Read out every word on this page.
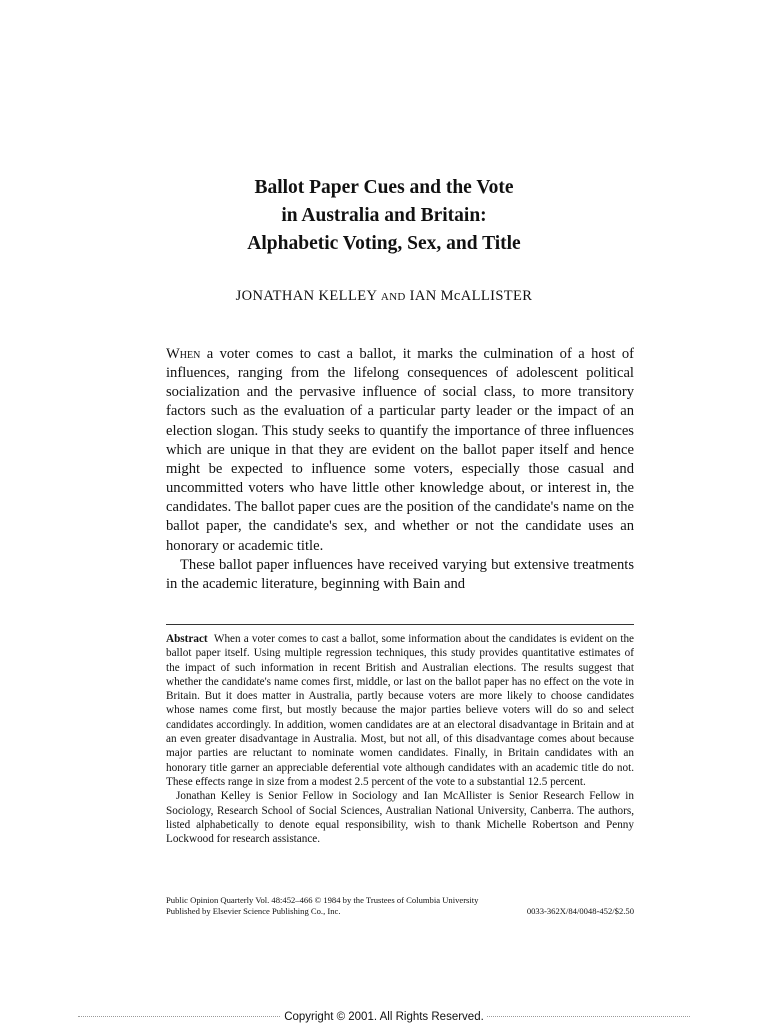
Ballot Paper Cues and the Vote
in Australia and Britain:
Alphabetic Voting, Sex, and Title
JONATHAN KELLEY AND IAN McALLISTER

When a voter comes to cast a ballot, it marks the culmination of a host of influences, ranging from the lifelong consequences of adolescent political socialization and the pervasive influence of social class, to more transitory factors such as the evaluation of a particular party leader or the impact of an election slogan. This study seeks to quantify the importance of three influences which are unique in that they are evident on the ballot paper itself and hence might be expected to influence some voters, especially those casual and uncommitted voters who have little other knowledge about, or interest in, the candidates. The ballot paper cues are the position of the candidate's name on the ballot paper, the candidate's sex, and whether or not the candidate uses an honorary or academic title.

These ballot paper influences have received varying but extensive treatments in the academic literature, beginning with Bain and

Abstract When a voter comes to cast a ballot, some information about the candidates is evident on the ballot paper itself. Using multiple regression techniques, this study provides quantitative estimates of the impact of such information in recent British and Australian elections. The results suggest that whether the candidate's name comes first, middle, or last on the ballot paper has no effect on the vote in Britain. But it does matter in Australia, partly because voters are more likely to choose candidates whose names come first, but mostly because the major parties believe voters will do so and select candidates accordingly. In addition, women candidates are at an electoral disadvantage in Britain and at an even greater disadvantage in Australia. Most, but not all, of this disadvantage comes about because major parties are reluctant to nominate women candidates. Finally, in Britain candidates with an honorary title garner an appreciable deferential vote although candidates with an academic title do not. These effects range in size from a modest 2.5 percent of the vote to a substantial 12.5 percent.

Jonathan Kelley is Senior Fellow in Sociology and Ian McAllister is Senior Research Fellow in Sociology, Research School of Social Sciences, Australian National University, Canberra. The authors, listed alphabetically to denote equal responsibility, wish to thank Michelle Robertson and Penny Lockwood for research assistance.

Public Opinion Quarterly Vol. 48:452–466 © 1984 by the Trustees of Columbia University
Published by Elsevier Science Publishing Co., Inc.	0033-362X/84/0048-452/$2.50
Copyright © 2001. All Rights Reserved.
